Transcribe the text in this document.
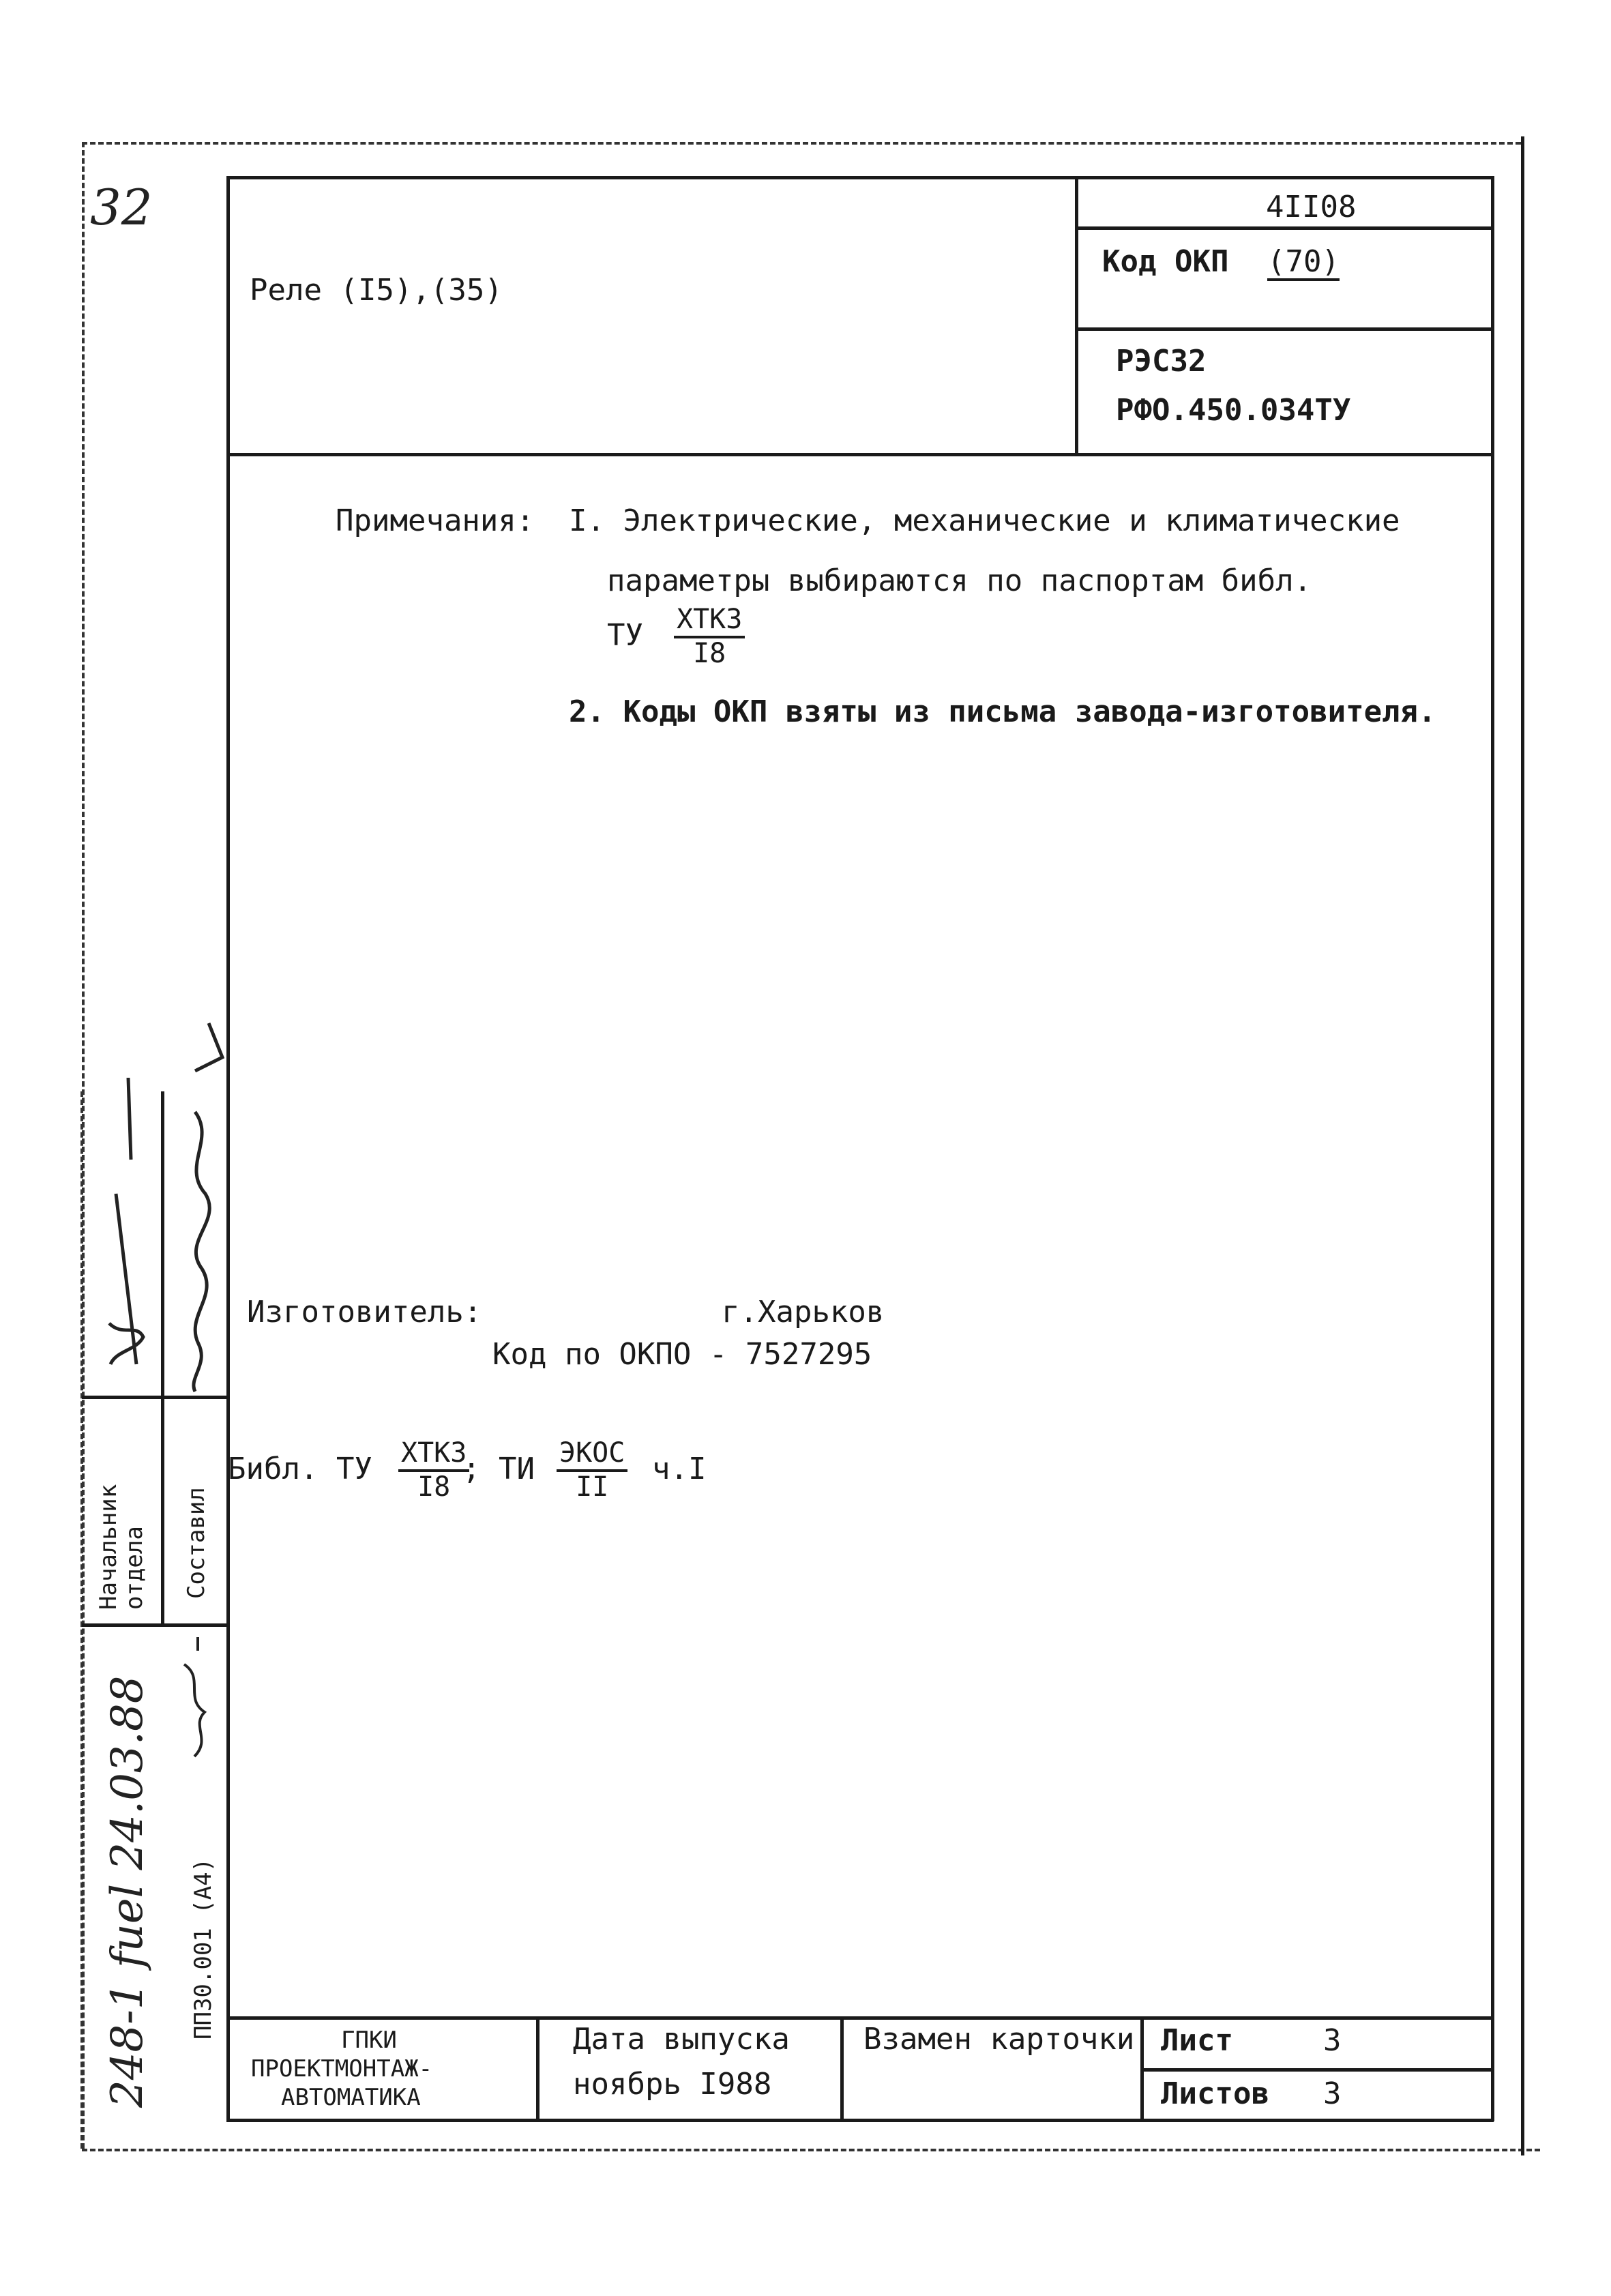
32
Реле (I5),(35)
4II08
Код ОКП (70)
РЭС32
РФО.450.034ТУ
Примечания: I. Электрические, механические и климатические
параметры выбираются по паспортам библ.
ТУ ХТКЗ
I8
2. Коды ОКП взяты из письма завода-изготовителя.
Изготовитель:	г.Харьков
Код по ОКПО - 7527295
Библ. ТУ ХТКЗ
I8
; ТИ ЭКОС
II
ч.I
ГПКИ
ПРОЕКТМОНТАЖ-
АВТОМАТИКА
Дата выпуска
ноябрь I988
Взамен карточки Лист	3
Листов 3
Начальник отдела Составил
ПП30.001 (А4)
248-1 fuel 24.03.88
